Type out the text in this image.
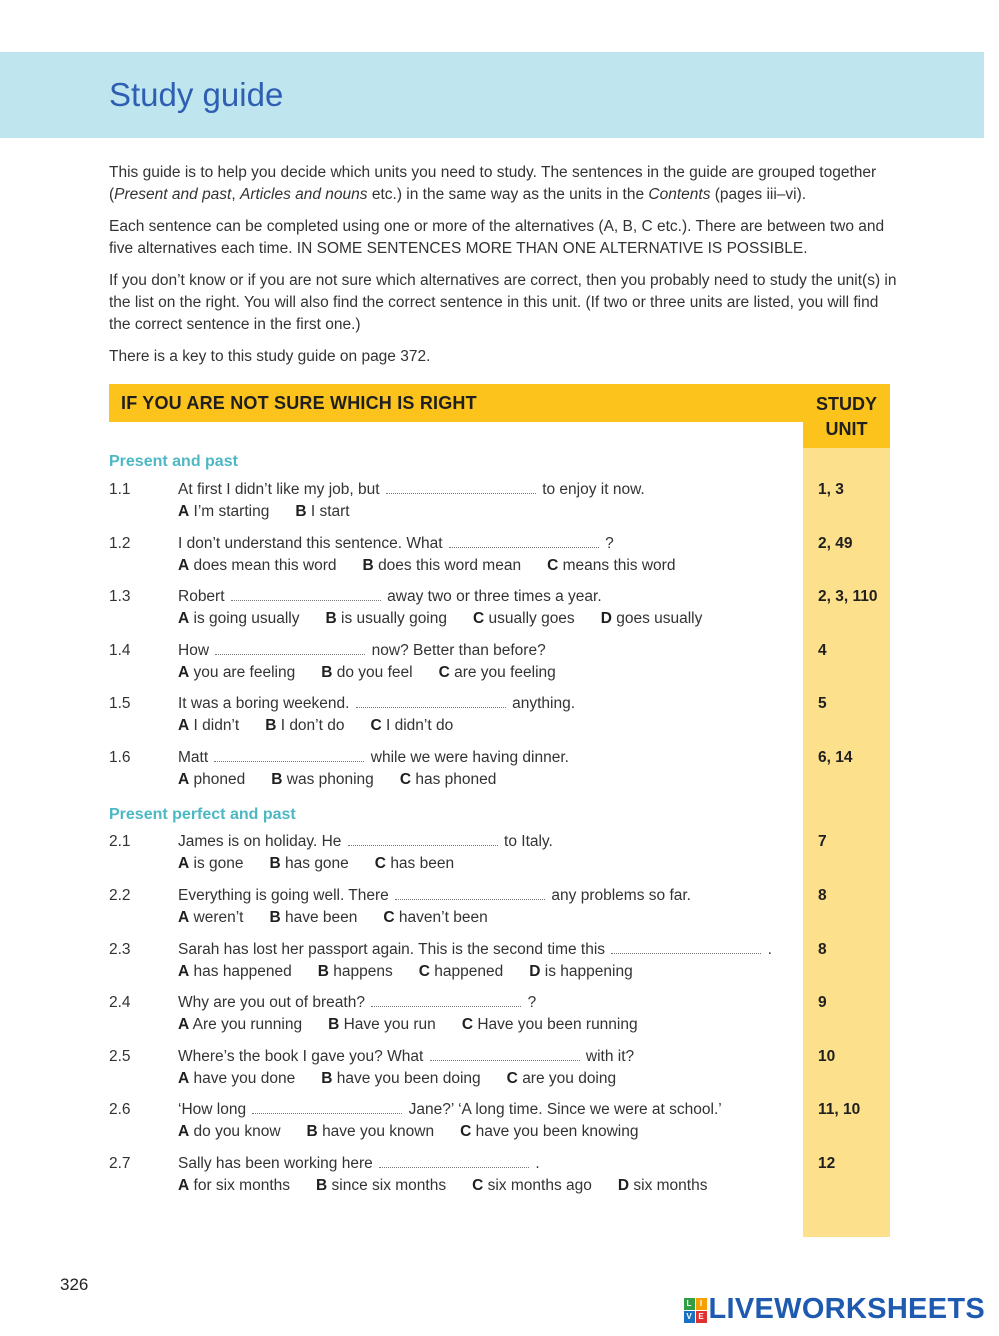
Study guide

This guide is to help you decide which units you need to study. The sentences in the guide are grouped together (Present and past, Articles and nouns etc.) in the same way as the units in the Contents (pages iii–vi).

Each sentence can be completed using one or more of the alternatives (A, B, C etc.). There are between two and five alternatives each time. IN SOME SENTENCES MORE THAN ONE ALTERNATIVE IS POSSIBLE.

If you don’t know or if you are not sure which alternatives are correct, then you probably need to study the unit(s) in the list on the right. You will also find the correct sentence in this unit. (If two or three units are listed, you will find the correct sentence in the first one.)

There is a key to this study guide on page 372.

IF YOU ARE NOT SURE WHICH IS RIGHT	STUDY
UNIT
Present and past
1.1	At first I didn’t like my job, but	to enjoy it now.
A I’m starting B I start
1, 3
1.2	I don’t understand this sentence. What	?
A does mean this word B does this word mean C means this word
2, 49
1.3	Robert	away two or three times a year.
A is going usually B is usually going C usually goes D goes usually
2, 3, 110
1.4	How	now? Better than before?
A you are feeling B do you feel C are you feeling
4
1.5	It was a boring weekend.	anything.
A I didn’t B I don’t do C I didn’t do
5
1.6	Matt	while we were having dinner.
A phoned B was phoning C has phoned
6, 14
Present perfect and past
2.1	James is on holiday. He	to Italy.
A is gone B has gone C has been
7
2.2	Everything is going well. There	any problems so far.
A weren’t B have been C haven’t been
8
2.3	Sarah has lost her passport again. This is the second time this	.
A has happened B happens C happened D is happening
8
2.4	Why are you out of breath?	?
A Are you running B Have you run C Have you been running
9
2.5	Where’s the book I gave you? What	with it?
A have you done B have you been doing C are you doing
10
2.6	‘How long	Jane?’ ‘A long time. Since we were at school.’
A do you know B have you known C have you been knowing
11, 10
2.7	Sally has been working here	.
A for six months B since six months C six months ago D six months
12
326
L	I
V E LIVEWORKSHEETS
